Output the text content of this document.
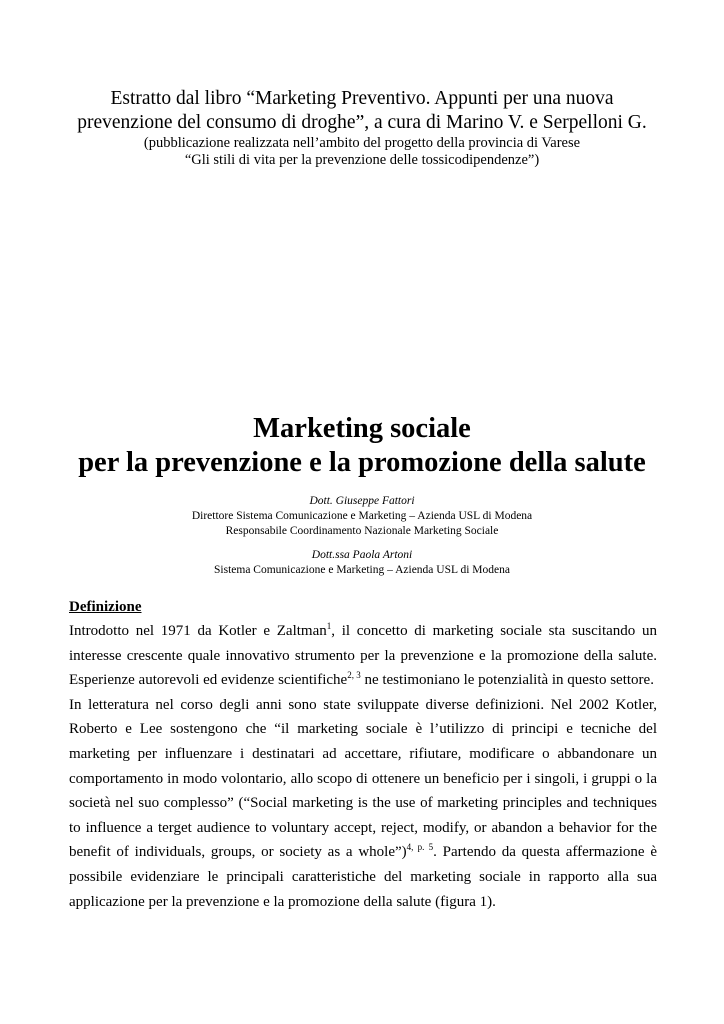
Estratto dal libro “Marketing Preventivo. Appunti per una nuova
prevenzione del consumo di droghe”, a cura di Marino V. e Serpelloni G.
(pubblicazione realizzata nell’ambito del progetto della provincia di Varese
“Gli stili di vita per la prevenzione delle tossicodipendenze”)
Marketing sociale
per la prevenzione e la promozione della salute
Dott. Giuseppe Fattori
Direttore Sistema Comunicazione e Marketing – Azienda USL di Modena
Responsabile Coordinamento Nazionale Marketing Sociale
Dott.ssa Paola Artoni
Sistema Comunicazione e Marketing – Azienda USL di Modena
Definizione

Introdotto nel 1971 da Kotler e Zaltman$^1$, il concetto di marketing sociale sta suscitando un interesse crescente quale innovativo strumento per la prevenzione e la promozione della salute. Esperienze autorevoli ed evidenze scientifiche$^{2, 3}$ ne testimoniano le potenzialità in questo settore.

In letteratura nel corso degli anni sono state sviluppate diverse definizioni. Nel 2002 Kotler, Roberto e Lee sostengono che “il marketing sociale è l’utilizzo di principi e tecniche del marketing per influenzare i destinatari ad accettare, rifiutare, modificare o abbandonare un comportamento in modo volontario, allo scopo di ottenere un beneficio per i singoli, i gruppi o la società nel suo complesso” (“Social marketing is the use of marketing principles and techniques to influence a terget audience to voluntary accept, reject, modify, or abandon a behavior for the benefit of individuals, groups, or society as a whole”)$^{4, p. 5}$. Partendo da questa affermazione è possibile evidenziare le principali caratteristiche del marketing sociale in rapporto alla sua applicazione per la prevenzione e la promozione della salute (figura 1).
